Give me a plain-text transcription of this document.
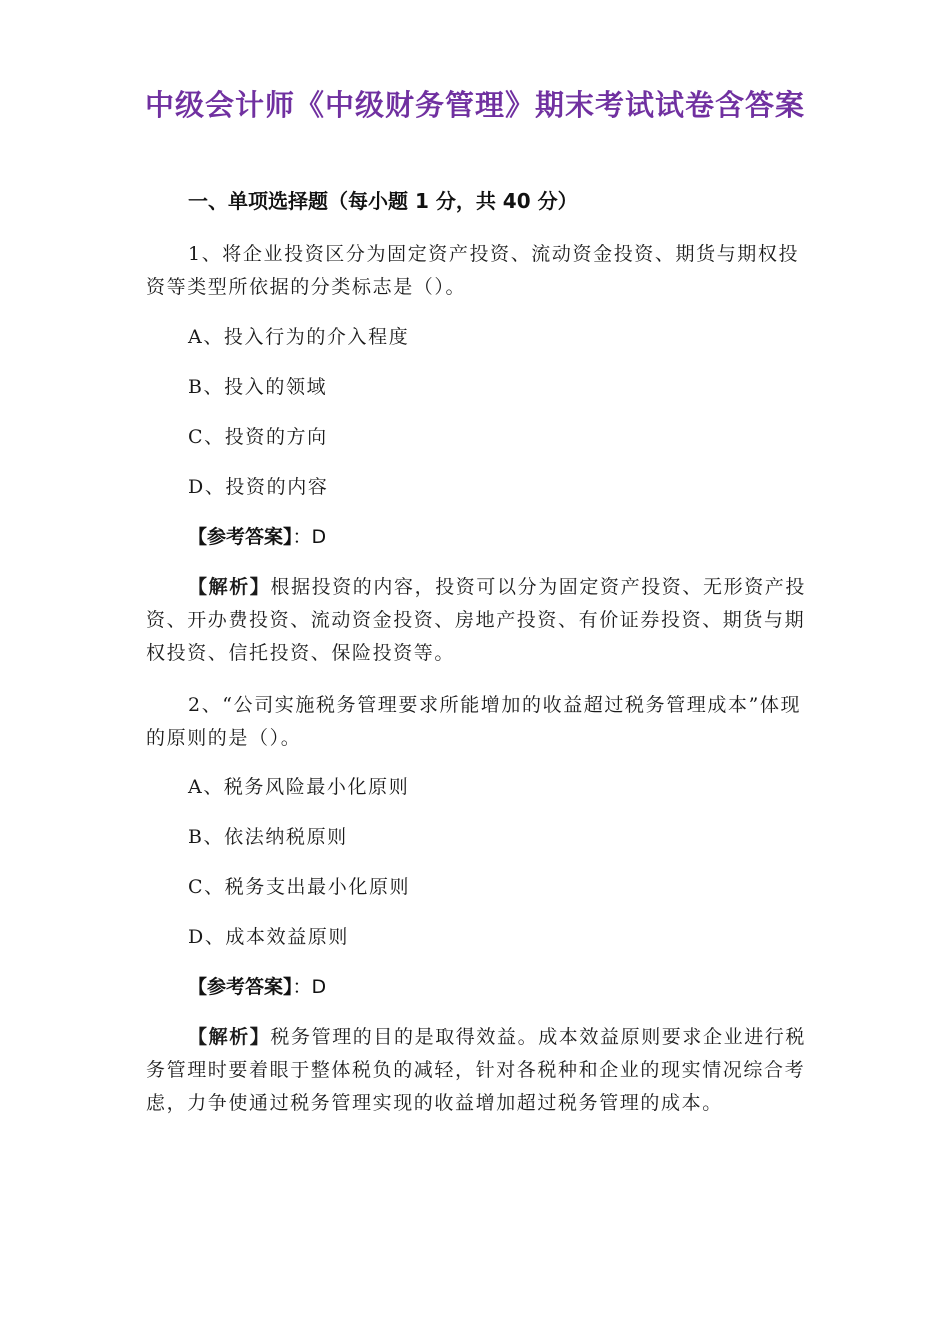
中级会计师《中级财务管理》期末考试试卷含答案
一、单项选择题（每小题 1 分，共 40 分）
1、将企业投资区分为固定资产投资、流动资金投资、期货与期权投资等类型所依据的分类标志是（）。
A、投入行为的介入程度
B、投入的领域
C、投资的方向
D、投资的内容
【参考答案】：D
【解析】根据投资的内容，投资可以分为固定资产投资、无形资产投资、开办费投资、流动资金投资、房地产投资、有价证券投资、期货与期权投资、信托投资、保险投资等。
2、“公司实施税务管理要求所能增加的收益超过税务管理成本”体现的原则的是（）。
A、税务风险最小化原则
B、依法纳税原则
C、税务支出最小化原则
D、成本效益原则
【参考答案】：D
【解析】税务管理的目的是取得效益。成本效益原则要求企业进行税务管理时要着眼于整体税负的减轻，针对各税种和企业的现实情况综合考虑，力争使通过税务管理实现的收益增加超过税务管理的成本。
